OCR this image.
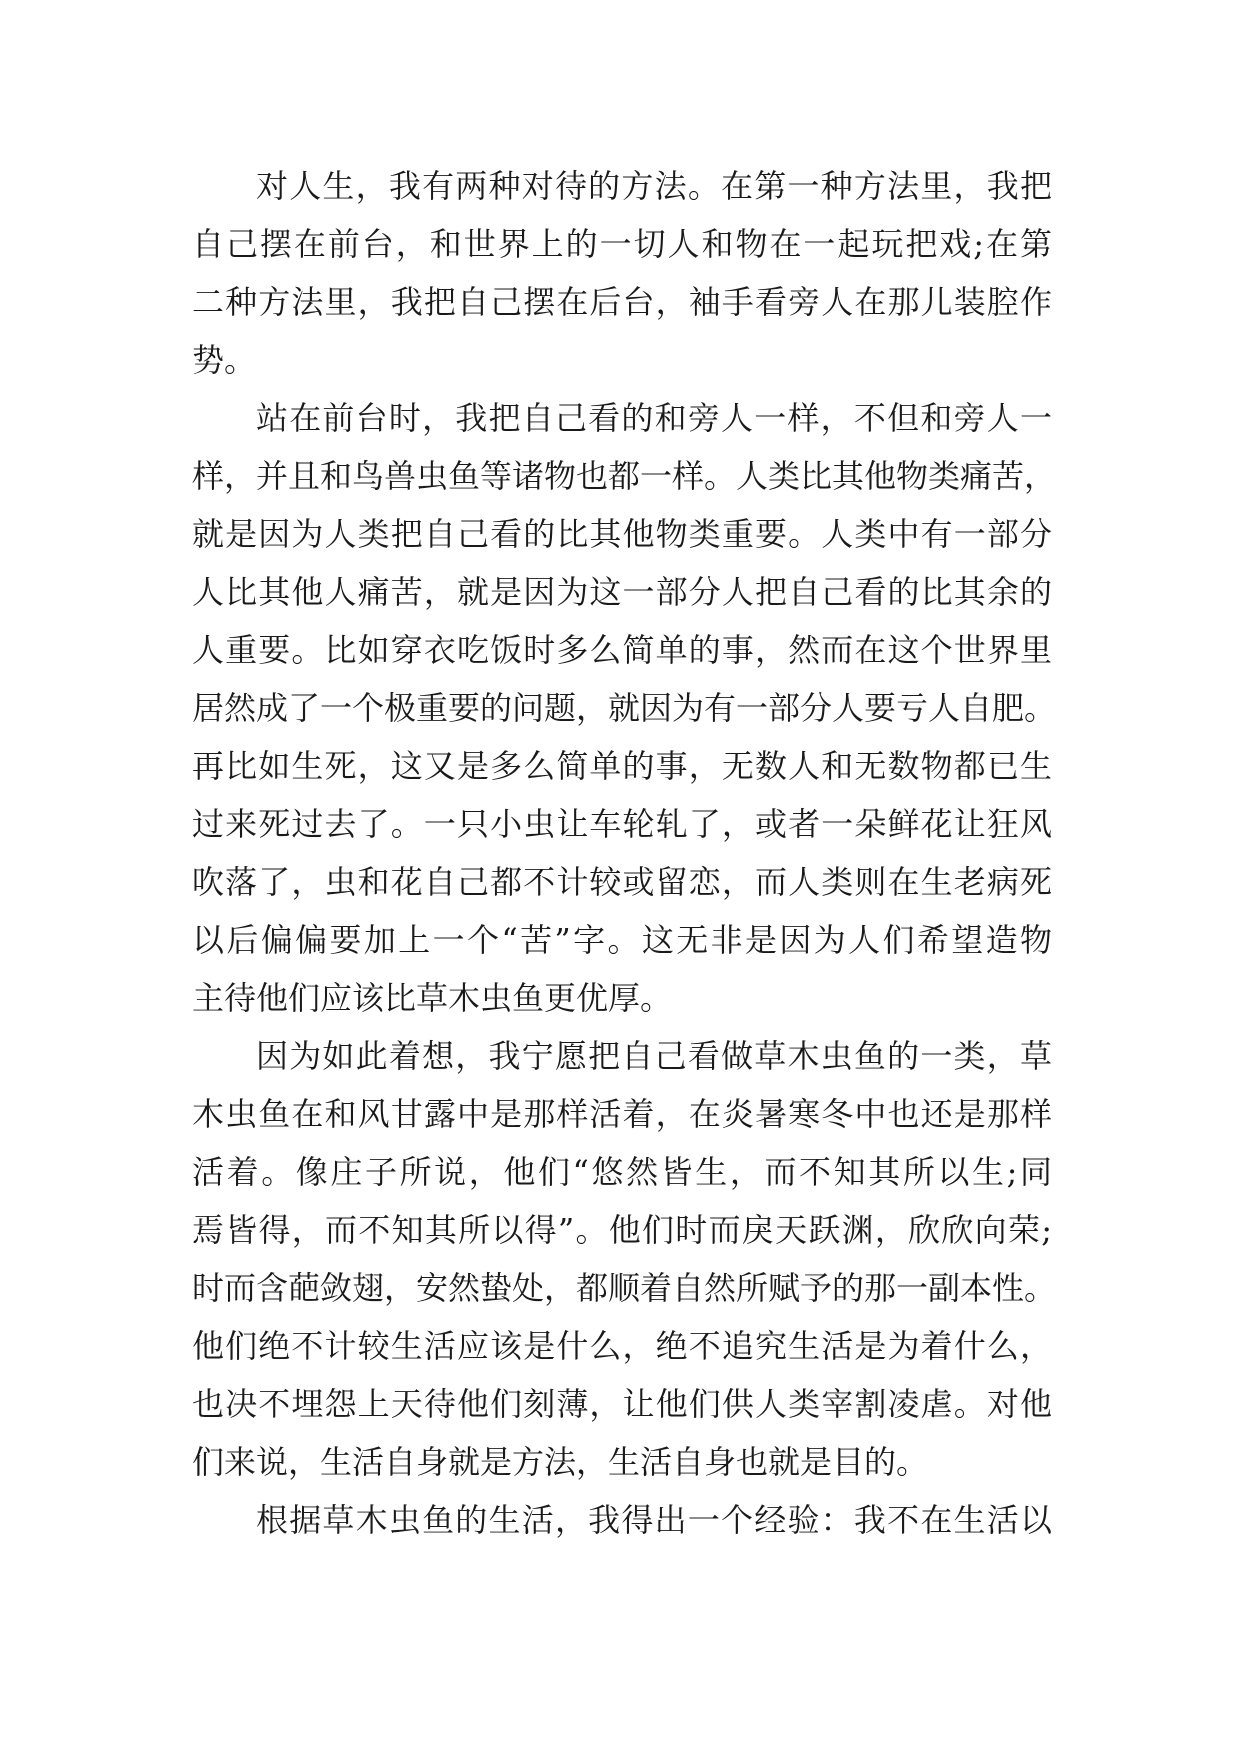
对人生，我有两种对待的方法。在第一种方法里，我把
自己摆在前台，和世界上的一切人和物在一起玩把戏;在第
二种方法里，我把自己摆在后台，袖手看旁人在那儿装腔作
势。
站在前台时，我把自己看的和旁人一样，不但和旁人一
样，并且和鸟兽虫鱼等诸物也都一样。人类比其他物类痛苦，
就是因为人类把自己看的比其他物类重要。人类中有一部分
人比其他人痛苦，就是因为这一部分人把自己看的比其余的
人重要。比如穿衣吃饭时多么简单的事，然而在这个世界里
居然成了一个极重要的问题，就因为有一部分人要亏人自肥。
再比如生死，这又是多么简单的事，无数人和无数物都已生
过来死过去了。一只小虫让车轮轧了，或者一朵鲜花让狂风
吹落了，虫和花自己都不计较或留恋，而人类则在生老病死
以后偏偏要加上一个“苦”字。这无非是因为人们希望造物
主待他们应该比草木虫鱼更优厚。
因为如此着想，我宁愿把自己看做草木虫鱼的一类，草
木虫鱼在和风甘露中是那样活着，在炎暑寒冬中也还是那样
活着。像庄子所说，他们“悠然皆生，而不知其所以生;同
焉皆得，而不知其所以得”。他们时而戾天跃渊，欣欣向荣;
时而含葩敛翅，安然蛰处，都顺着自然所赋予的那一副本性。
他们绝不计较生活应该是什么，绝不追究生活是为着什么，
也决不埋怨上天待他们刻薄，让他们供人类宰割凌虐。对他
们来说，生活自身就是方法，生活自身也就是目的。
根据草木虫鱼的生活，我得出一个经验：我不在生活以
